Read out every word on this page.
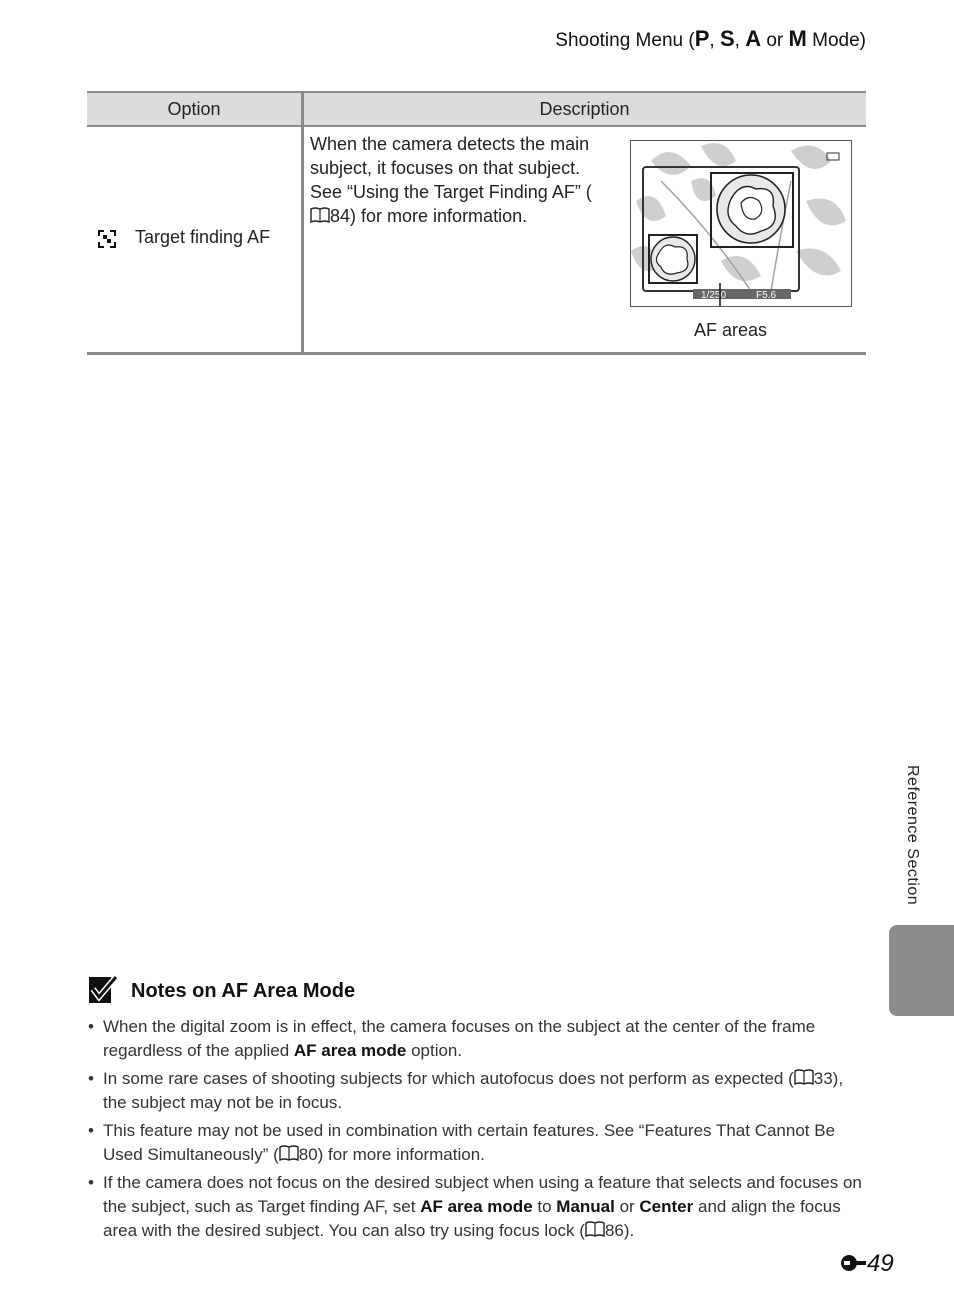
Shooting Menu (P, S, A or M Mode)
Option	Description
Target finding AF

When the camera detects the main subject, it focuses on that subject.

See “Using the Target Finding AF” (84) for more information.

1/250	F5.6
AF areas
Reference Section
Notes on AF Area Mode
• When the digital zoom is in effect, the camera focuses on the subject at the center of the frame regardless of the applied AF area mode option.
• In some rare cases of shooting subjects for which autofocus does not perform as expected ( 33), the subject may not be in focus.
• This feature may not be used in combination with certain features. See “Features That Cannot Be Used Simultaneously” ( 80) for more information.
• If the camera does not focus on the desired subject when using a feature that selects and focuses on the subject, such as Target finding AF, set AF area mode to Manual or Center and align the focus area with the desired subject. You can also try using focus lock ( 86).
49
